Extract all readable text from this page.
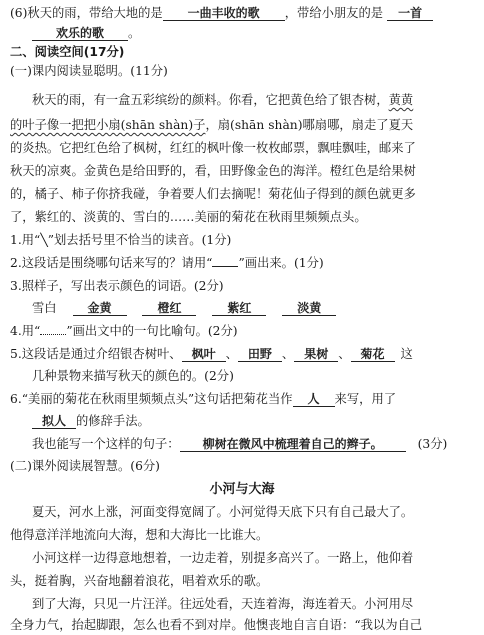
(6)秋天的雨，带给大地的是 一曲丰收的歌 ，带给小朋友的是 一首
欢乐的歌 。
二、阅读空间(17分)
(一)课内阅读显聪明。(11分)
秋天的雨，有一盒五彩缤纷的颜料。你看，它把黄色给了银杏树，黄黄
的叶子像一把把小扇(shān shàn)子，扇(shān shàn)哪扇哪，扇走了夏天
的炎热。它把红色给了枫树，红红的枫叶像一枚枚邮票，飘哇飘哇，邮来了
秋天的凉爽。金黄色是给田野的，看，田野像金色的海洋。橙红色是给果树
的，橘子、柿子你挤我碰，争着要人们去摘呢！菊花仙子得到的颜色就更多
了，紫红的、淡黄的、雪白的……美丽的菊花在秋雨里频频点头。
1.用“╲”划去括号里不恰当的读音。(1分)
2.这段话是围绕哪句话来写的？请用“ ”画出来。(1分)
3.照样子，写出表示颜色的词语。(2分)
雪白	金黄	橙红	紫红	淡黄
4.用“ ”画出文中的一句比喻句。(2分)
5.这段话是通过介绍银杏树叶、 枫叶 、 田野 、 果树 、 菊花 这
几种景物来描写秋天的颜色的。(2分)
6.“美丽的菊花在秋雨里频频点头”这句话把菊花当作 人 来写，用了
拟人 的修辞手法。
我也能写一个这样的句子： 柳树在微风中梳理着自己的辫子。	(3分)
(二)课外阅读展智慧。(6分)
小河与大海
夏天，河水上涨，河面变得宽阔了。小河觉得天底下只有自己最大了。
他得意洋洋地流向大海，想和大海比一比谁大。
小河这样一边得意地想着，一边走着，别提多高兴了。一路上，他仰着
头，挺着胸，兴奋地翻着浪花，唱着欢乐的歌。
到了大海，只见一片汪洋。往远处看，天连着海，海连着天。小河用尽
全身力气，抬起脚跟，怎么也看不到对岸。他懊丧地自言自语：“我以为自己
